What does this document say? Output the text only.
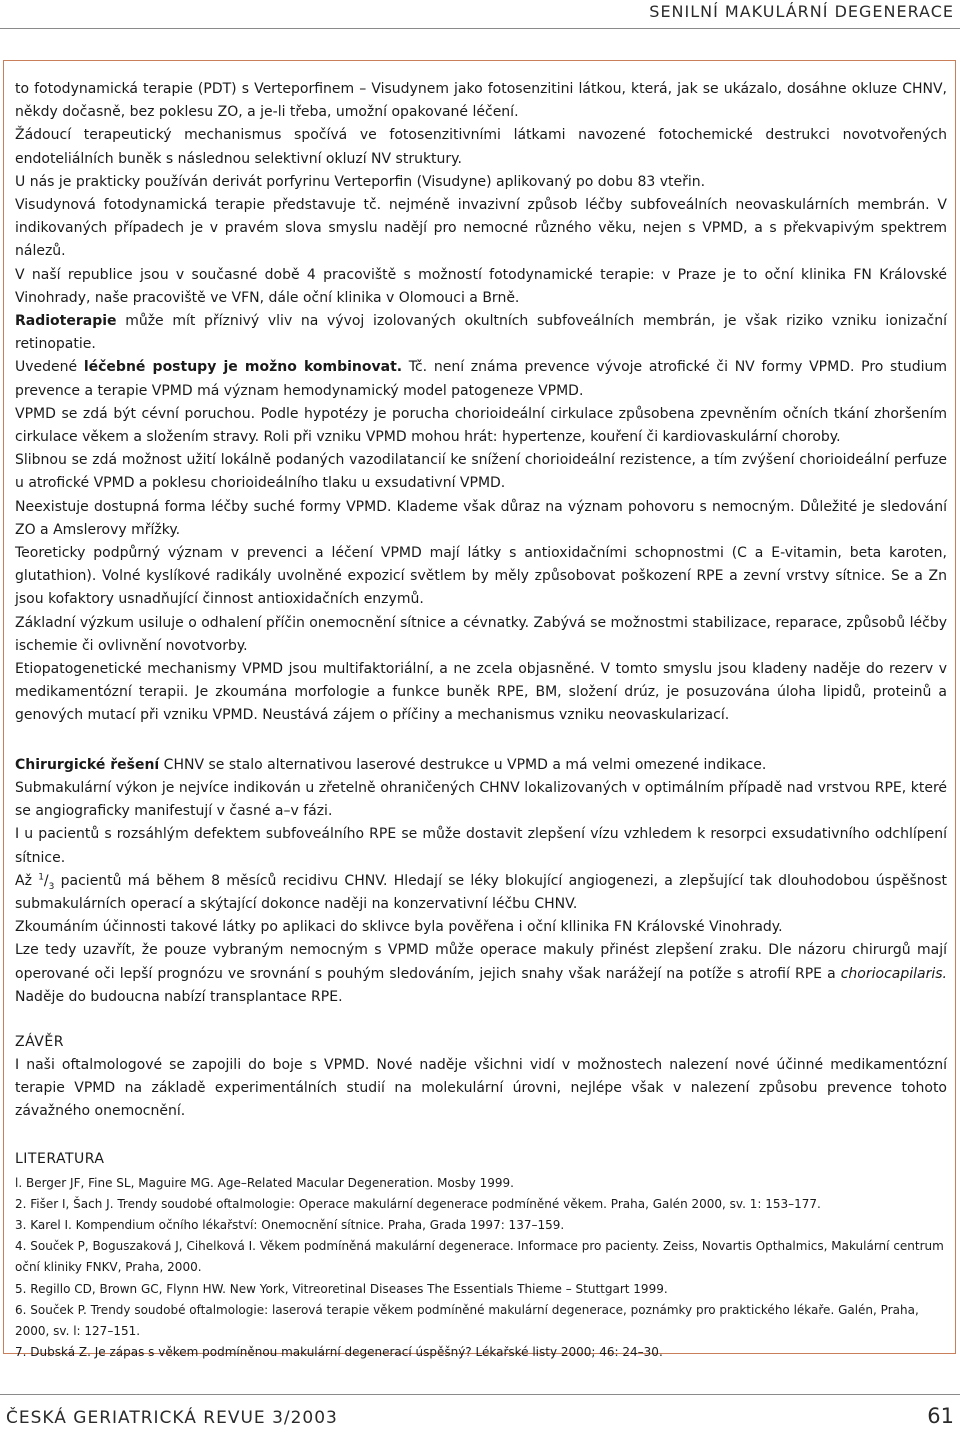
SENILNÍ MAKULÁRNÍ DEGENERACE

to fotodynamická terapie (PDT) s Verteporfinem – Visudynem jako fotosenzitini látkou, která, jak se ukázalo, dosáhne okluze CHNV, někdy dočasně, bez poklesu ZO, a je-li třeba, umožní opakované léčení.

Žádoucí terapeutický mechanismus spočívá ve fotosenzitivními látkami navozené fotochemické destrukci novotvořených endoteliálních buněk s následnou selektivní okluzí NV struktury.

U nás je prakticky používán derivát porfyrinu Verteporfin (Visudyne) aplikovaný po dobu 83 vteřin.

Visudynová fotodynamická terapie představuje tč. nejméně invazivní způsob léčby subfoveálních neovaskulárních membrán. V indikovaných případech je v pravém slova smyslu nadějí pro nemocné různého věku, nejen s VPMD, a s překvapivým spektrem nálezů.

V naší republice jsou v současné době 4 pracoviště s možností fotodynamické terapie: v Praze je to oční klinika FN Královské Vinohrady, naše pracoviště ve VFN, dále oční klinika v Olomouci a Brně.

Radioterapie může mít příznivý vliv na vývoj izolovaných okultních subfoveálních membrán, je však riziko vzniku ionizační retinopatie.

Uvedené léčebné postupy je možno kombinovat. Tč. není známa prevence vývoje atrofické či NV formy VPMD. Pro studium prevence a terapie VPMD má význam hemodynamický model patogeneze VPMD.

VPMD se zdá být cévní poruchou. Podle hypotézy je porucha chorioideální cirkulace způsobena zpevněním očních tkání zhoršením cirkulace věkem a složením stravy. Roli při vzniku VPMD mohou hrát: hypertenze, kouření či kardiovaskulární choroby.

Slibnou se zdá možnost užití lokálně podaných vazodilatancií ke snížení chorioideální rezistence, a tím zvýšení chorioideální perfuze u atrofické VPMD a poklesu chorioideálního tlaku u exsudativní VPMD.

Neexistuje dostupná forma léčby suché formy VPMD. Klademe však důraz na význam pohovoru s nemocným. Důležité je sledování ZO a Amslerovy mřížky.

Teoreticky podpůrný význam v prevenci a léčení VPMD mají látky s antioxidačními schopnostmi (C a E-vitamin, beta karoten, glutathion). Volné kyslíkové radikály uvolněné expozicí světlem by měly způsobovat poškození RPE a zevní vrstvy sítnice. Se a Zn jsou kofaktory usnadňující činnost antioxidačních enzymů.

Základní výzkum usiluje o odhalení příčin onemocnění sítnice a cévnatky. Zabývá se možnostmi stabilizace, reparace, způsobů léčby ischemie či ovlivnění novotvorby.

Etiopatogenetické mechanismy VPMD jsou multifaktoriální, a ne zcela objasněné. V tomto smyslu jsou kladeny naděje do rezerv v medikamentózní terapii. Je zkoumána morfologie a funkce buněk RPE, BM, složení drúz, je posuzována úloha lipidů, proteinů a genových mutací při vzniku VPMD. Neustává zájem o příčiny a mechanismus vzniku neovaskularizací.

Chirurgické řešení CHNV se stalo alternativou laserové destrukce u VPMD a má velmi omezené indikace.

Submakulární výkon je nejvíce indikován u zřetelně ohraničených CHNV lokalizovaných v optimálním případě nad vrstvou RPE, které se angiograficky manifestují v časné a–v fázi.

I u pacientů s rozsáhlým defektem subfoveálního RPE se může dostavit zlepšení vízu vzhledem k resorpci exsudativního odchlípení sítnice.

Až $^1/_3$ pacientů má během 8 měsíců recidivu CHNV. Hledají se léky blokující angiogenezi, a zlepšující tak dlouhodobou úspěšnost submakulárních operací a skýtající dokonce naději na konzervativní léčbu CHNV.

Zkoumáním účinnosti takové látky po aplikaci do sklivce byla pověřena i oční kllinika FN Královské Vinohrady.

Lze tedy uzavřít, že pouze vybraným nemocným s VPMD může operace makuly přinést zlepšení zraku. Dle názoru chirurgů mají operované oči lepší prognózu ve srovnání s pouhým sledováním, jejich snahy však narážejí na potíže s atrofií RPE a choriocapilaris. Naděje do budoucna nabízí transplantace RPE.

ZÁVĚR

I naši oftalmologové se zapojili do boje s VPMD. Nové naděje všichni vidí v možnostech nalezení nové účinné medikamentózní terapie VPMD na základě experimentálních studií na molekulární úrovni, nejlépe však v nalezení způsobu prevence tohoto závažného onemocnění.

LITERATURA

l. Berger JF, Fine SL, Maguire MG. Age–Related Macular Degeneration. Mosby 1999.

2. Fišer I, Šach J. Trendy soudobé oftalmologie: Operace makulární degenerace podmíněné věkem. Praha, Galén 2000, sv. 1: 153–177.

3. Karel I. Kompendium očního lékařství: Onemocnění sítnice. Praha, Grada 1997: 137–159.

4. Souček P, Boguszaková J, Cihelková I. Věkem podmíněná makulární degenerace. Informace pro pacienty. Zeiss, Novartis Opthalmics, Makulární centrum oční kliniky FNKV, Praha, 2000.

5. Regillo CD, Brown GC, Flynn HW. New York, Vitreoretinal Diseases The Essentials Thieme – Stuttgart 1999.

6. Souček P. Trendy soudobé oftalmologie: laserová terapie věkem podmíněné makulární degenerace, poznámky pro praktického lékaře. Galén, Praha, 2000, sv. l: 127–151.

7. Dubská Z. Je zápas s věkem podmíněnou makulární degenerací úspěšný? Lékařské listy 2000; 46: 24–30.

ČESKÁ GERIATRICKÁ REVUE 3/2003	61
